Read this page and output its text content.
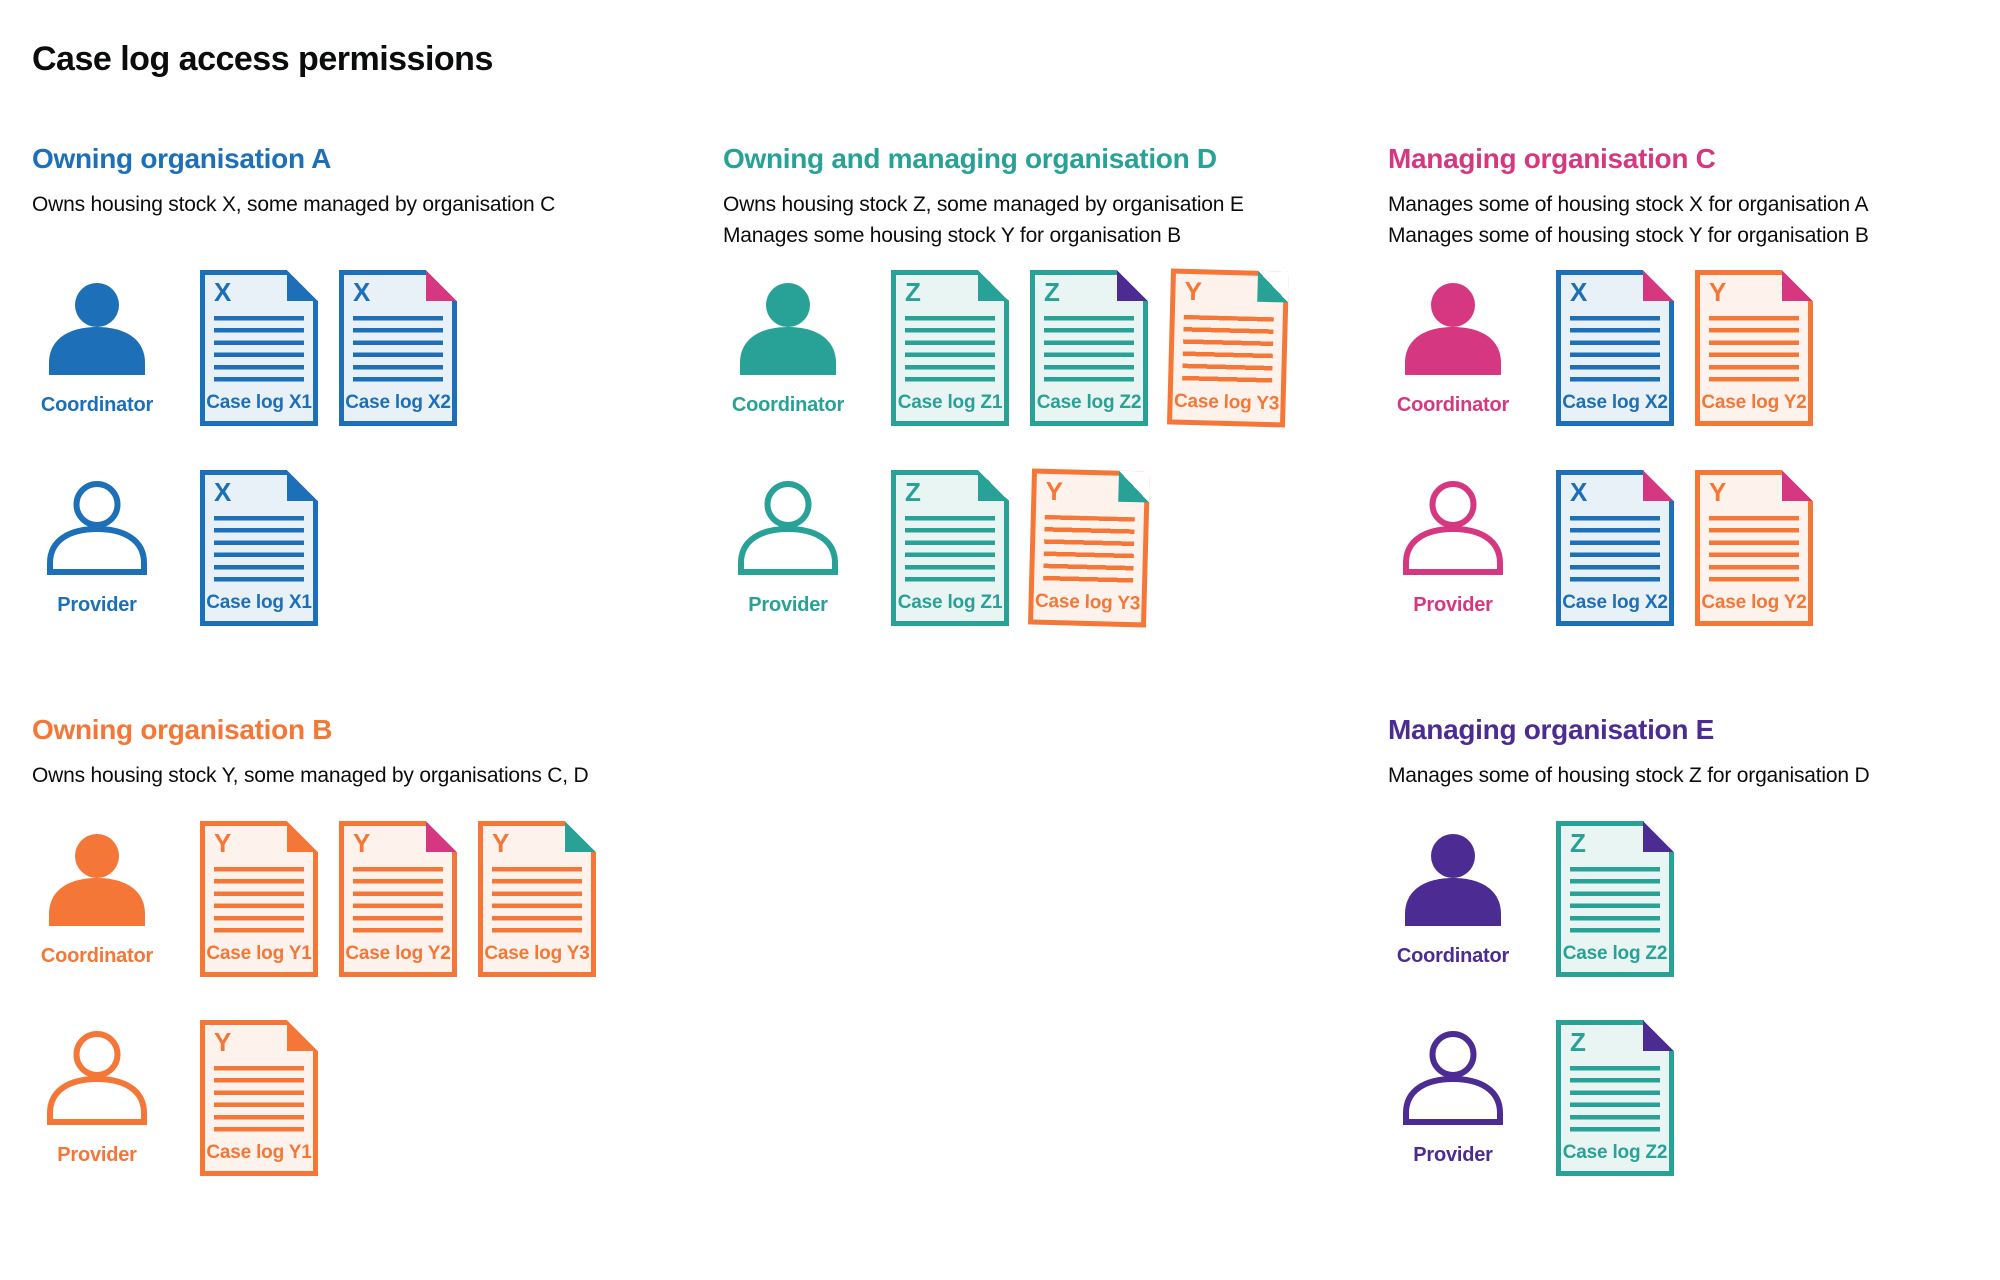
Case log access permissions
Owning organisation A
Owns housing stock X, some managed by organisation C
Coordinator
X
Case log X1
X
Case log X2
Provider
X
Case log X1
Owning and managing organisation D
Owns housing stock Z, some managed by organisation E
Manages some housing stock Y for organisation B
Coordinator
Z
Case log Z1
Z
Case log Z2
Y
Case log Y3
Provider
Z
Case log Z1
Y
Case log Y3
Managing organisation C
Manages some of housing stock X for organisation A
Manages some of housing stock Y for organisation B
Coordinator
X
Case log X2
Y
Case log Y2
Provider
X
Case log X2
Y
Case log Y2
Owning organisation B
Owns housing stock Y, some managed by organisations C, D
Coordinator
Y
Case log Y1
Y
Case log Y2
Y
Case log Y3
Provider
Y
Case log Y1
Managing organisation E
Manages some of housing stock Z for organisation D
Coordinator
Z
Case log Z2
Provider
Z
Case log Z2
